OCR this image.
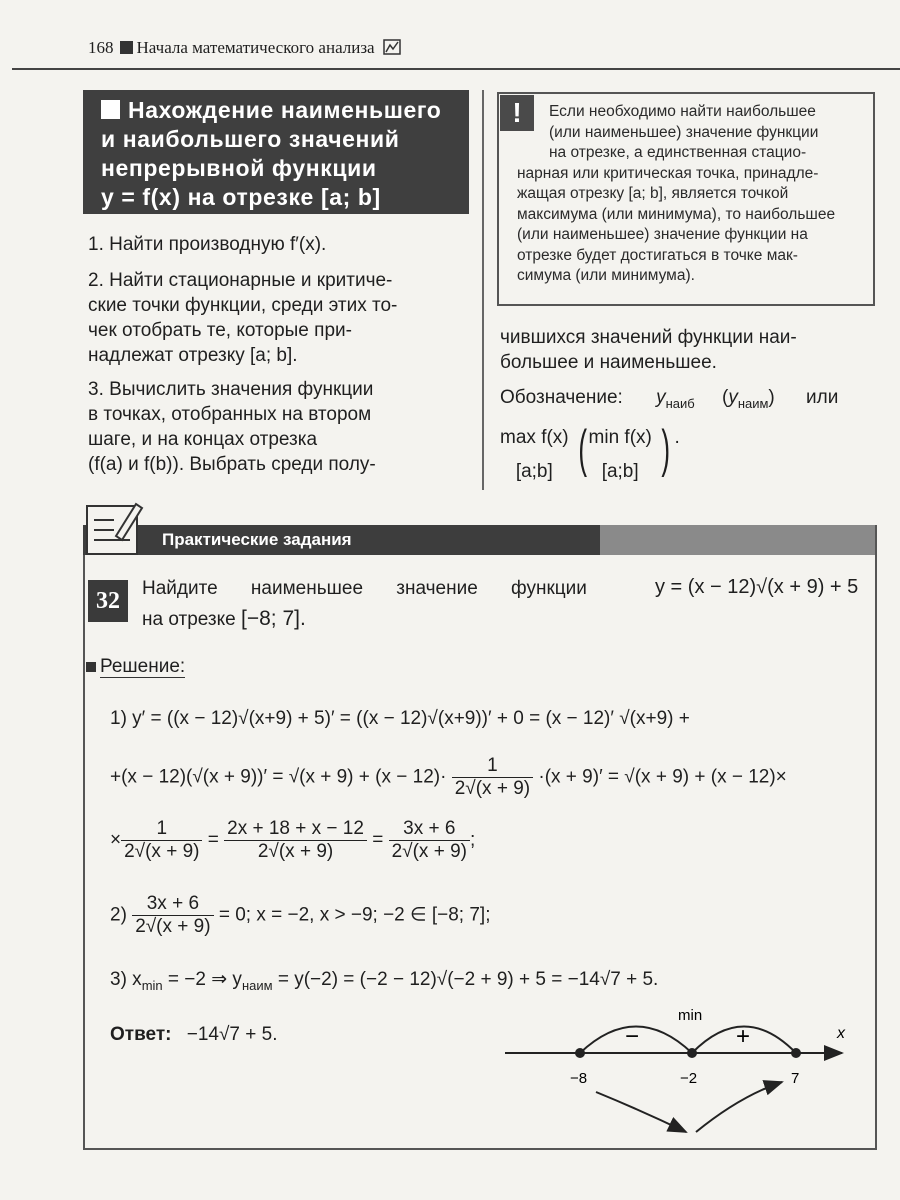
168 Начала математического анализа
Нахождение наименьшего
и наибольшего значений
непрерывной функции
y = f(x) на отрезке [a; b]
!	Если необходимо найти наибольшее
(или наименьшее) значение функции
на отрезке, а единственная стацио-
нарная или критическая точка, принадле-
жащая отрезку [a; b], является точкой
максимума (или минимума), то наибольшее
(или наименьшее) значение функции на
отрезке будет достигаться в точке мак-
симума (или минимума).
1. Найти производную f′(x).
2. Найти стационарные и критиче-
ские точки функции, среди этих то-
чек отобрать те, которые при-
надлежат отрезку [a; b].
3. Вычислить значения функции
в точках, отобранных на втором
шаге, и на концах отрезка
(f(a) и f(b)). Выбрать среди полу-
чившихся значений функции наи-
большее и наименьшее.
Обозначение: $y_{наиб}$ $(y_{наим})$ или
max f(x)
[a;b] ( min f(x)
[a;b] ) .
Практические задания
32	Найдите наименьшее значение функции	y = (x − 12)√(x + 9) + 5
на отрезке [−8; 7].
Решение:
1) y′ = ((x − 12)√(x+9) + 5)′ = ((x − 12)√(x+9))′ + 0 = (x − 12)′ √(x+9) +
$+(x - 12)(√(x + 9))' = √(x + 9) + (x - 12)\cdot \frac{1}{2√(x + 9)} \cdot(x + 9)' = √(x + 9) + (x - 12)\times$
× $\frac{1}{2√(x + 9)} = \frac{2x + 18 + x - 12}{2√(x + 9)} = \frac{3x + 6}{2√(x + 9)}$ ;
$2) \frac{3x + 6}{2√(x + 9)} = 0$; x = −2, x > −9; −2 ∈ [−8; 7];
3) $x_{min} = -2$ ⇒ $y_{наим} = y(-2) = (-2 - 12)√(-2 + 9) + 5 = -14√7 + 5$.
Ответ: −14√7 + 5.
−8	−2	7
x
−	+
min
